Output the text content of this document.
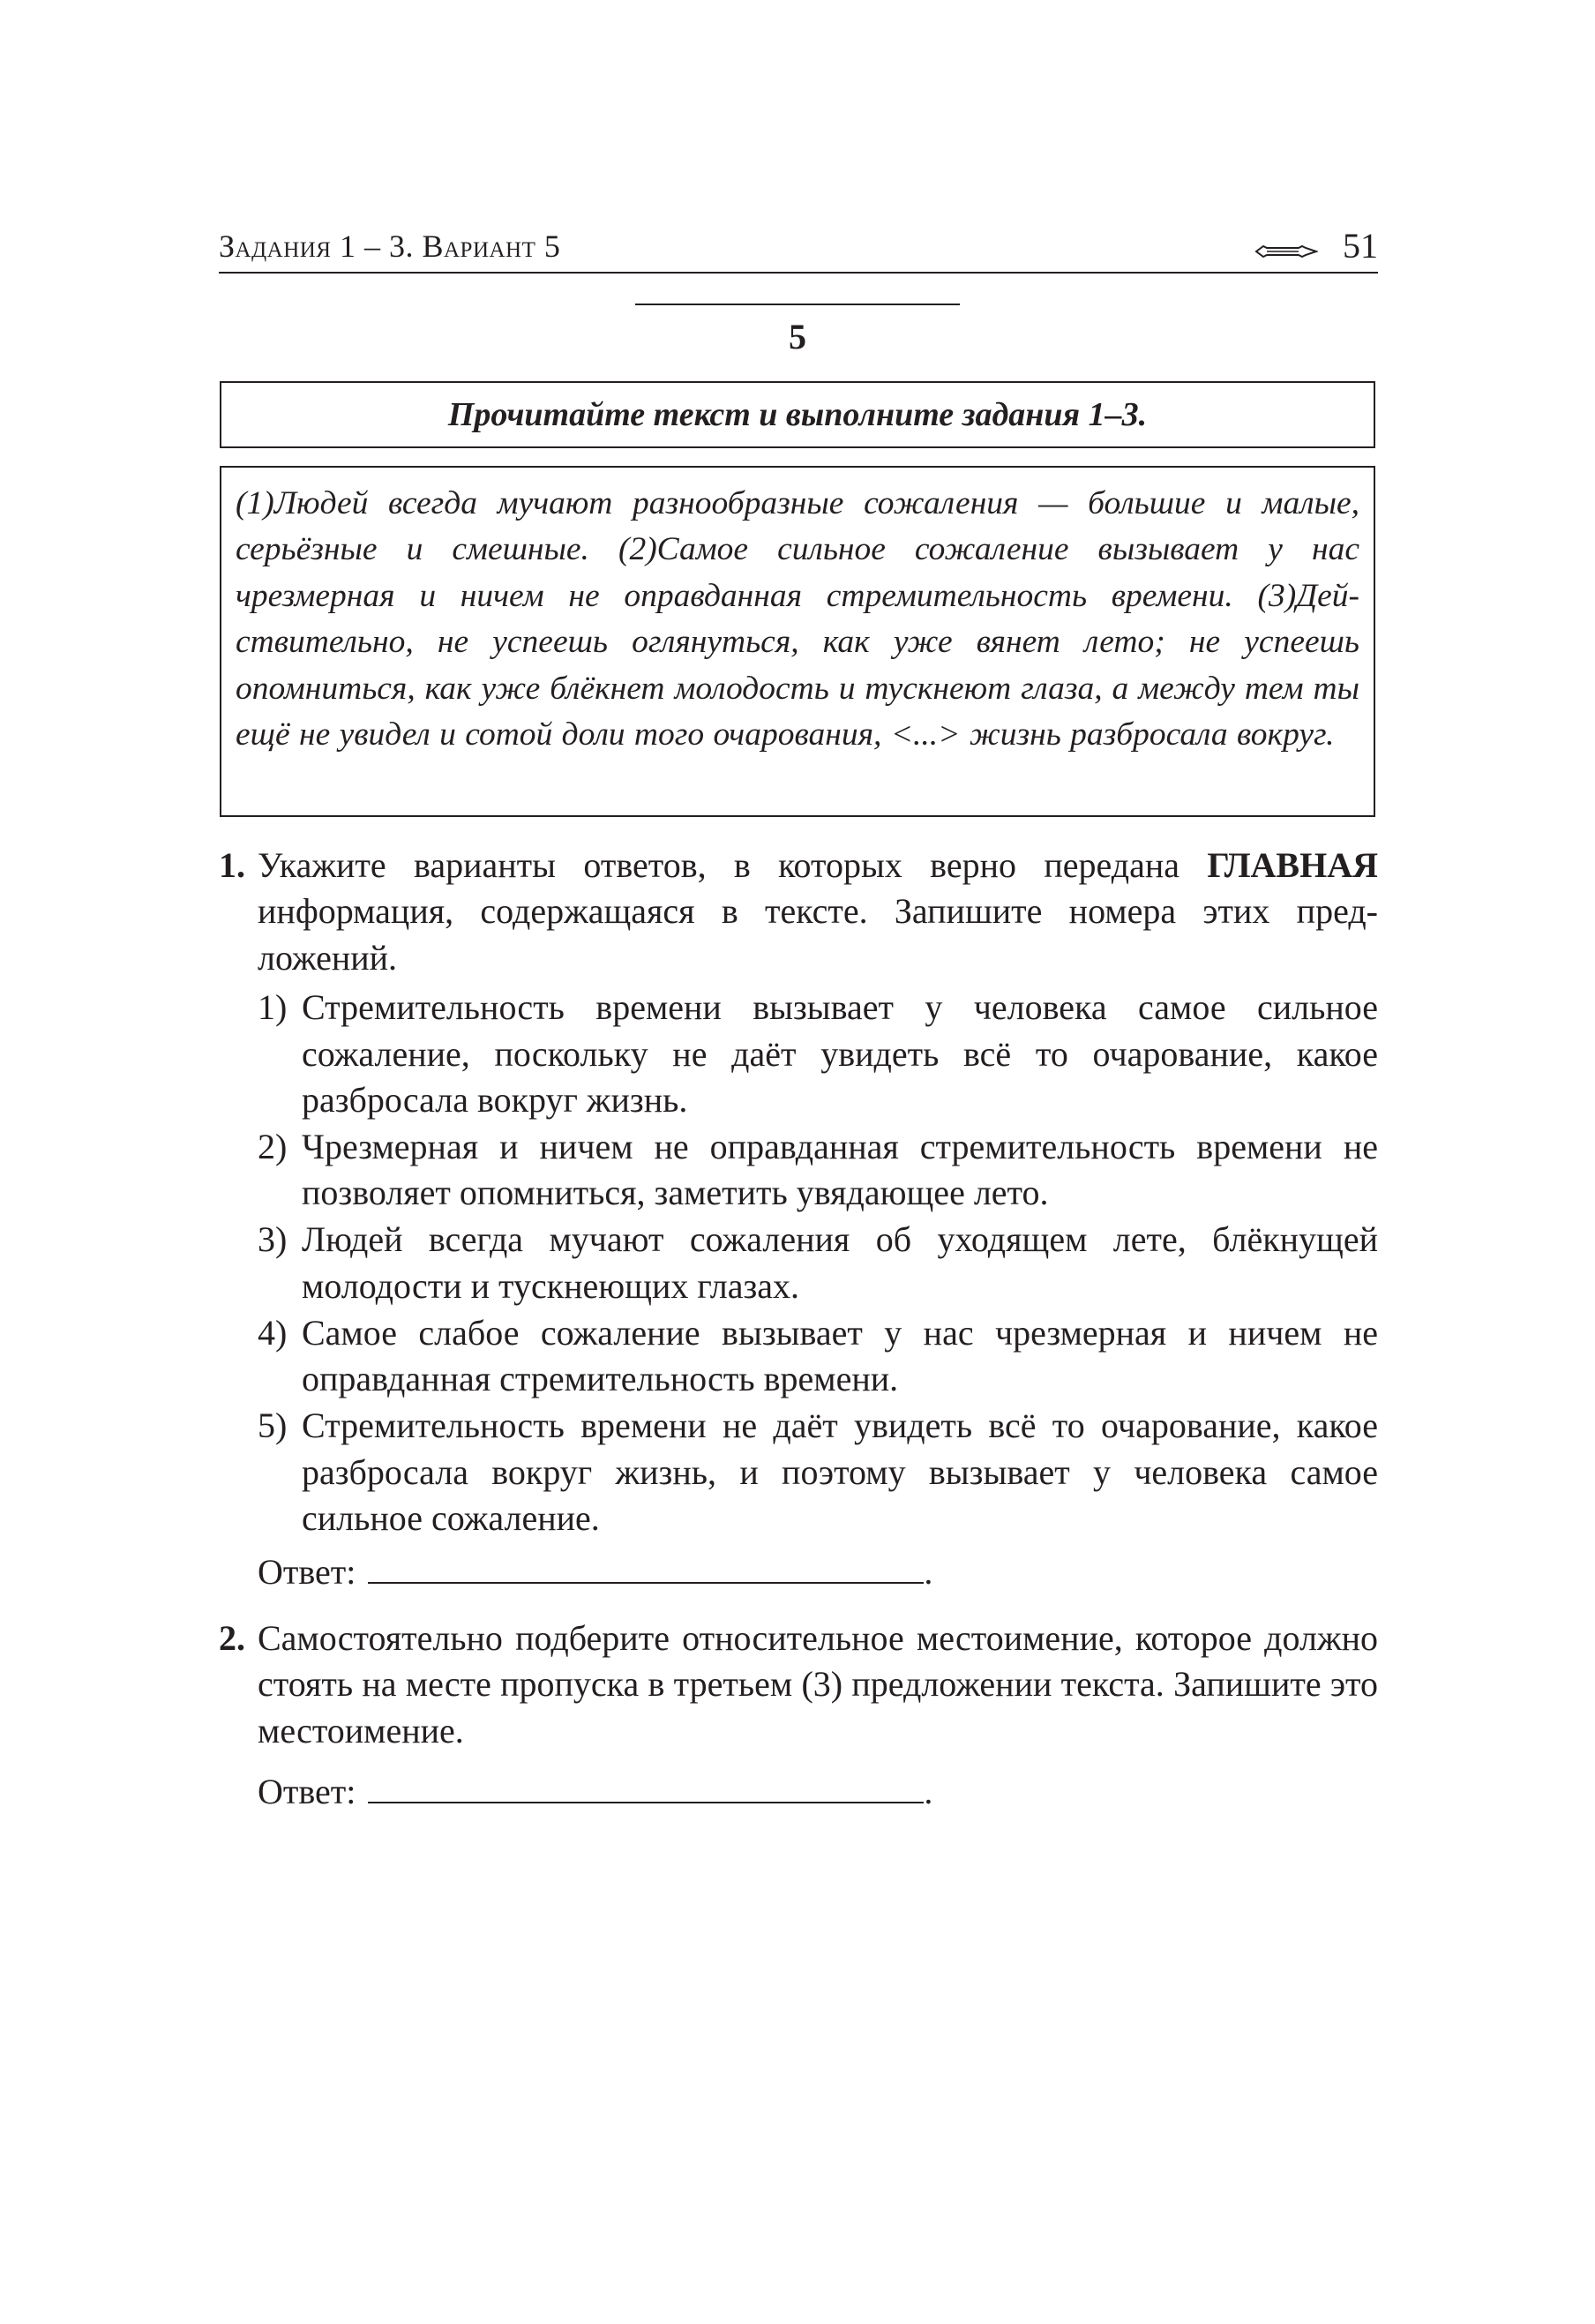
Задания 1 – 3. Вариант 5	51
5
Прочитайте текст и выполните задания 1–3.

(1)Людей всегда мучают разнообразные сожаления — большие и малые, серьёзные и смешные. (2)Самое сильное сожаление вызывает у нас чрезмерная и ничем не оправданная стремительность времени. (3)Действительно, не успеешь оглянуться, как уже вянет лето; не успеешь опомниться, как уже блёкнет молодость и тускнеют глаза, а между тем ты ещё не увидел и сотой доли того очарования, <...> жизнь разбросала вокруг.

1. Укажите варианты ответов, в которых верно передана ГЛАВНАЯ информация, содержащаяся в тексте. Запишите номера этих предложений.
1) Стремительность времени вызывает у человека самое сильное сожаление, поскольку не даёт увидеть всё то очарование, какое разбросала вокруг жизнь.
2) Чрезмерная и ничем не оправданная стремительность времени не позволяет опомниться, заметить увядающее лето.
3) Людей всегда мучают сожаления об уходящем лете, блёкнущей молодости и тускнеющих глазах.
4) Самое слабое сожаление вызывает у нас чрезмерная и ничем не оправданная стремительность времени.
5) Стремительность времени не даёт увидеть всё то очарование, какое разбросала вокруг жизнь, и поэтому вызывает у человека самое сильное сожаление.
Ответ:	.
2. Самостоятельно подберите относительное местоимение, которое должно стоять на месте пропуска в третьем (3) предложении текста. Запишите это местоимение.
Ответ:	.
